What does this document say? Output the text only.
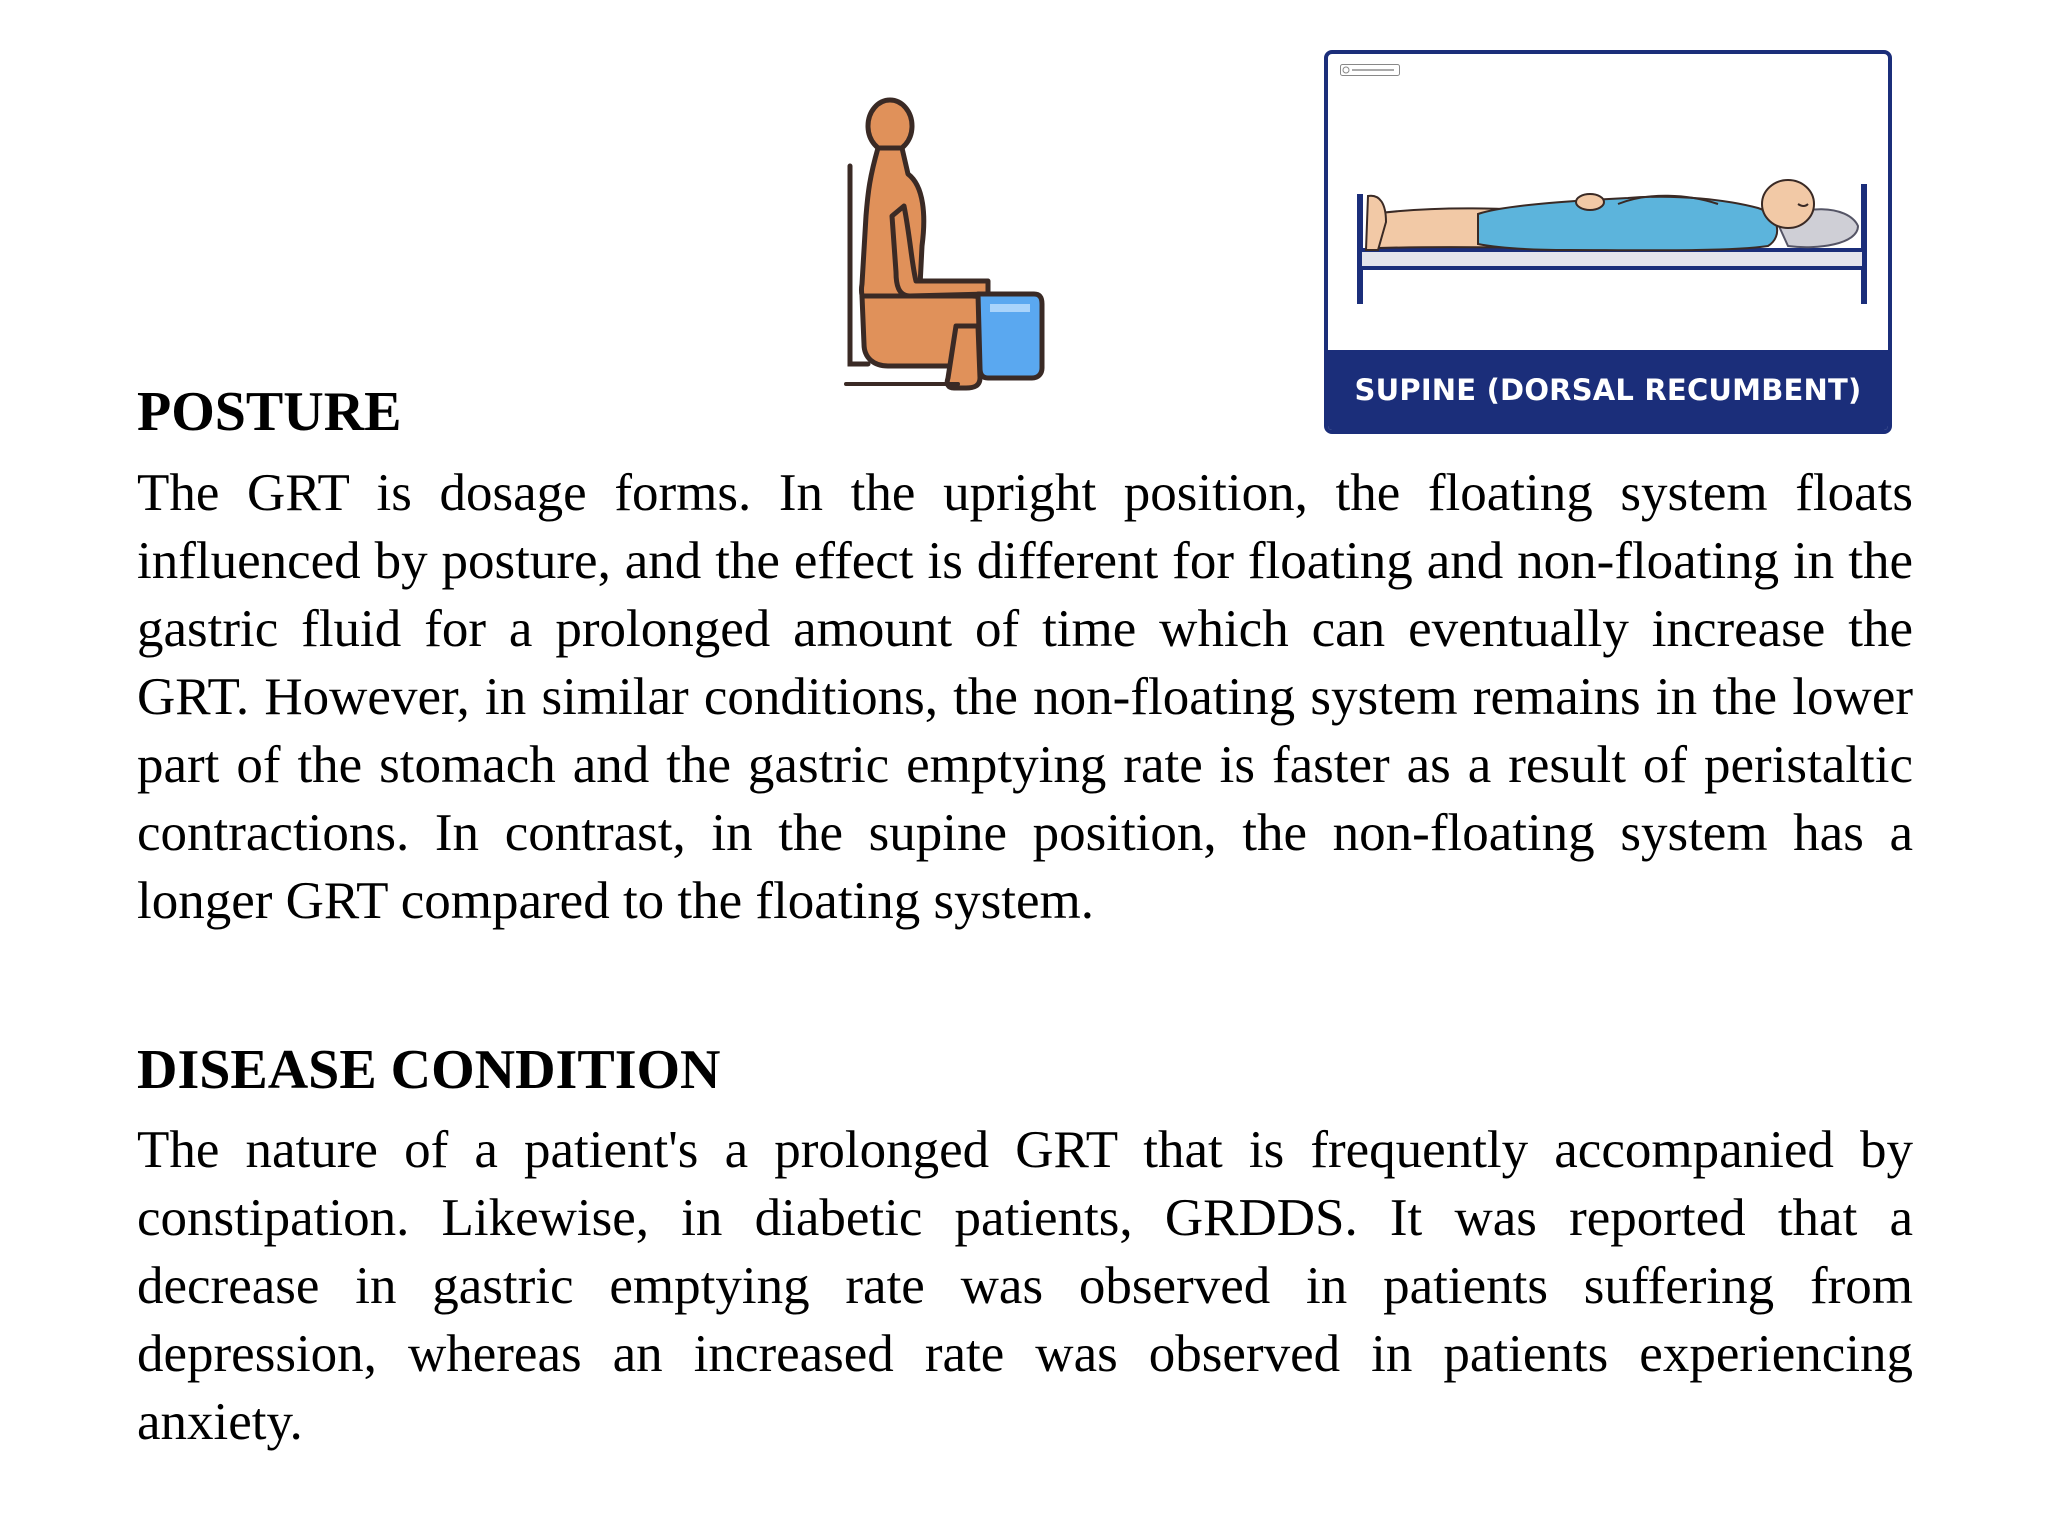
SUPINE (DORSAL RECUMBENT)
POSTURE

The GRT is dosage forms. In the upright position, the floating system floats influenced by posture, and the effect is different for floating and non-floating in the gastric fluid for a prolonged amount of time which can eventually increase the GRT. However, in similar conditions, the non-floating system remains in the lower part of the stomach and the gastric emptying rate is faster as a result of peristaltic contractions. In contrast, in the supine position, the non-floating system has a longer GRT compared to the floating system.

DISEASE CONDITION

The nature of a patient's a prolonged GRT that is frequently accompanied by constipation. Likewise, in diabetic patients, GRDDS. It was reported that a decrease in gastric emptying rate was observed in patients suffering from depression, whereas an increased rate was observed in patients experiencing anxiety.
